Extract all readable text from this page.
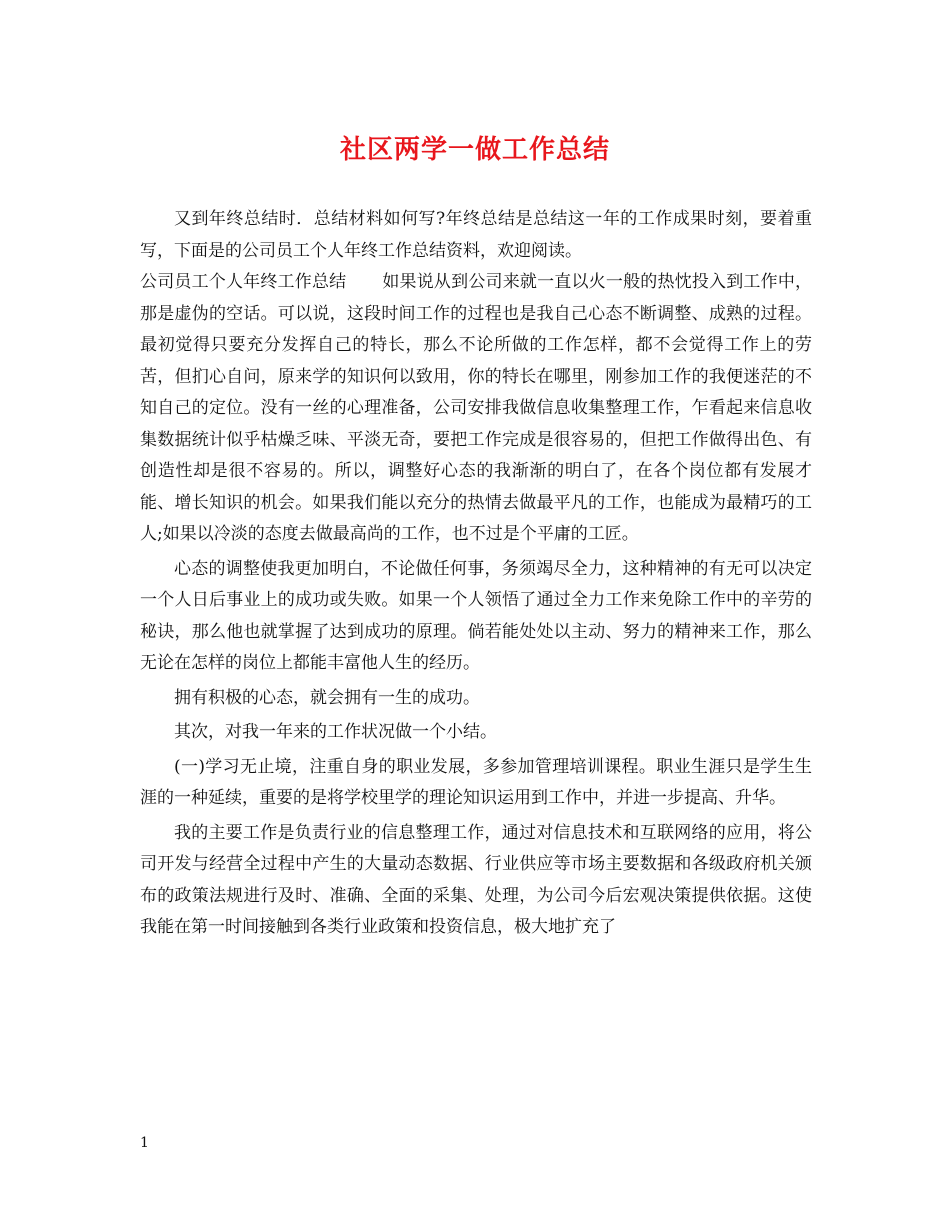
社区两学一做工作总结

又到年终总结时．总结材料如何写?年终总结是总结这一年的工作成果时刻，要着重写，下面是的公司员工个人年终工作总结资料，欢迎阅读。

公司员工个人年终工作总结 如果说从到公司来就一直以火一般的热忱投入到工作中，那是虚伪的空话。可以说，这段时间工作的过程也是我自己心态不断调整、成熟的过程。最初觉得只要充分发挥自己的特长，那么不论所做的工作怎样，都不会觉得工作上的劳苦，但扪心自问，原来学的知识何以致用，你的特长在哪里，刚参加工作的我便迷茫的不知自己的定位。没有一丝的心理准备，公司安排我做信息收集整理工作，乍看起来信息收集数据统计似乎枯燥乏味、平淡无奇，要把工作完成是很容易的，但把工作做得出色、有创造性却是很不容易的。所以，调整好心态的我渐渐的明白了，在各个岗位都有发展才能、增长知识的机会。如果我们能以充分的热情去做最平凡的工作，也能成为最精巧的工人;如果以冷淡的态度去做最高尚的工作，也不过是个平庸的工匠。

心态的调整使我更加明白，不论做任何事，务须竭尽全力，这种精神的有无可以决定一个人日后事业上的成功或失败。如果一个人领悟了通过全力工作来免除工作中的辛劳的秘诀，那么他也就掌握了达到成功的原理。倘若能处处以主动、努力的精神来工作，那么无论在怎样的岗位上都能丰富他人生的经历。

拥有积极的心态，就会拥有一生的成功。

其次，对我一年来的工作状况做一个小结。

(一)学习无止境，注重自身的职业发展，多参加管理培训课程。职业生涯只是学生生涯的一种延续，重要的是将学校里学的理论知识运用到工作中，并进一步提高、升华。

我的主要工作是负责行业的信息整理工作，通过对信息技术和互联网络的应用，将公司开发与经营全过程中产生的大量动态数据、行业供应等市场主要数据和各级政府机关颁布的政策法规进行及时、准确、全面的采集、处理，为公司今后宏观决策提供依据。这使我能在第一时间接触到各类行业政策和投资信息，极大地扩充了

1
